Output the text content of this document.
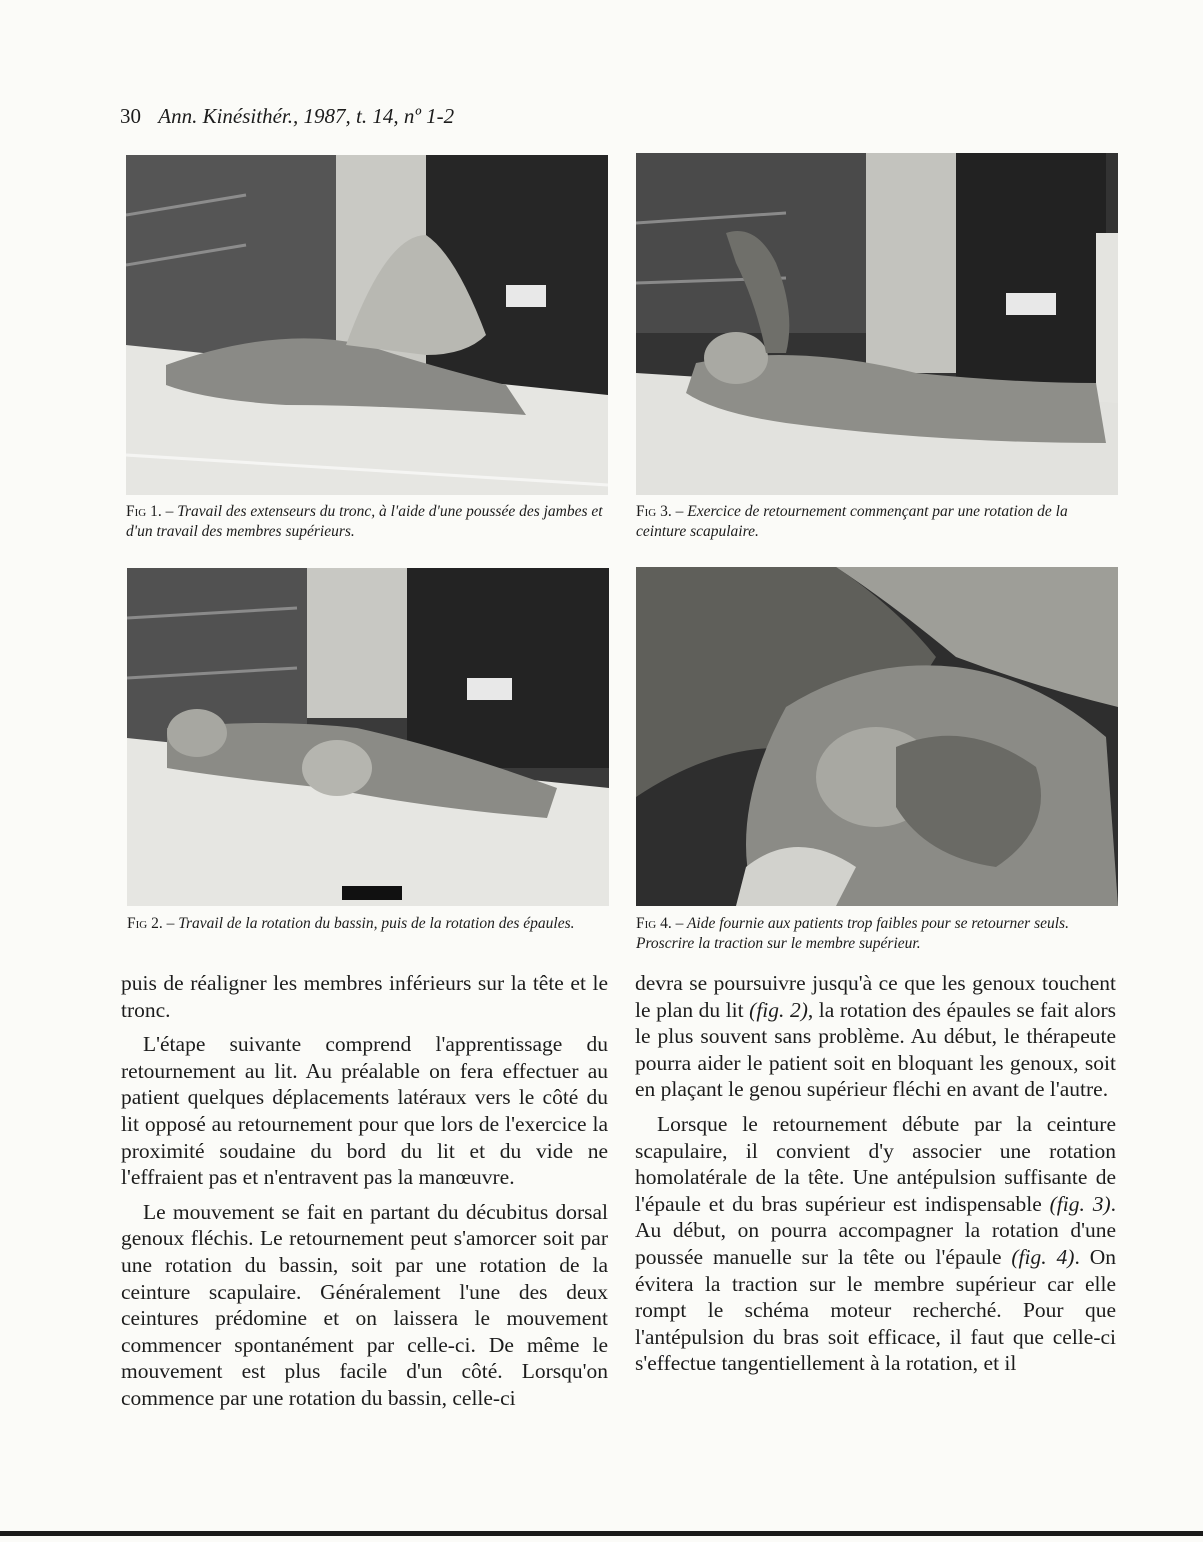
30 Ann. Kinésithér., 1987, t. 14, nº 1-2
Fig 1. – Travail des extenseurs du tronc, à l'aide d'une poussée des jambes et d'un travail des membres supérieurs.
Fig 3. – Exercice de retournement commençant par une rotation de la ceinture scapulaire.
Fig 2. – Travail de la rotation du bassin, puis de la rotation des épaules.	Fig 4. – Aide fournie aux patients trop faibles pour se retourner seuls. Proscrire la traction sur le membre supérieur.

puis de réaligner les membres inférieurs sur la tête et le tronc.

L'étape suivante comprend l'apprentissage du retournement au lit. Au préalable on fera effectuer au patient quelques déplacements latéraux vers le côté du lit opposé au retournement pour que lors de l'exercice la proximité soudaine du bord du lit et du vide ne l'effraient pas et n'entravent pas la manœuvre.

Le mouvement se fait en partant du décubitus dorsal genoux fléchis. Le retournement peut s'amorcer soit par une rotation du bassin, soit par une rotation de la ceinture scapulaire. Généralement l'une des deux ceintures prédomine et on laissera le mouvement commencer spontanément par celle-ci. De même le mouvement est plus facile d'un côté. Lorsqu'on commence par une rotation du bassin, celle-ci

devra se poursuivre jusqu'à ce que les genoux touchent le plan du lit (fig. 2), la rotation des épaules se fait alors le plus souvent sans problème. Au début, le thérapeute pourra aider le patient soit en bloquant les genoux, soit en plaçant le genou supérieur fléchi en avant de l'autre.

Lorsque le retournement débute par la ceinture scapulaire, il convient d'y associer une rotation homolatérale de la tête. Une antépulsion suffisante de l'épaule et du bras supérieur est indispensable (fig. 3). Au début, on pourra accompagner la rotation d'une poussée manuelle sur la tête ou l'épaule (fig. 4). On évitera la traction sur le membre supérieur car elle rompt le schéma moteur recherché. Pour que l'antépulsion du bras soit efficace, il faut que celle-ci s'effectue tangentiellement à la rotation, et il
